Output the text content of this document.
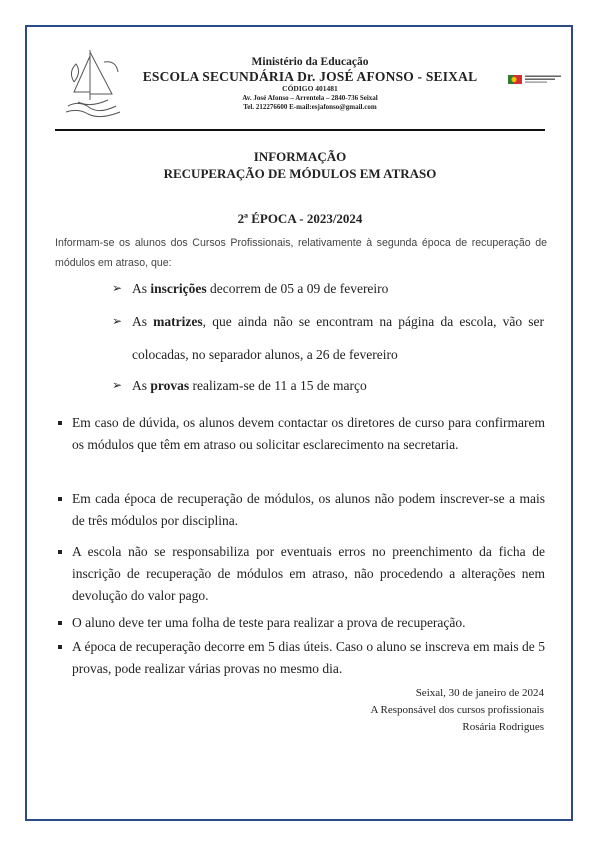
Ministério da Educação
ESCOLA SECUNDÁRIA Dr. JOSÉ AFONSO - SEIXAL
CÓDIGO 401481
Av. José Afonso – Arrentela – 2840-736 Seixal
Tel. 212276600 E-mail:esjafonso@gmail.com
INFORMAÇÃO
RECUPERAÇÃO DE MÓDULOS EM ATRASO
2ª ÉPOCA - 2023/2024
Informam-se os alunos dos Cursos Profissionais, relativamente à segunda época de recuperação de módulos em atraso, que:
➢ As inscrições decorrem de 05 a 09 de fevereiro
➢ As matrizes, que ainda não se encontram na página da escola, vão ser colocadas, no separador alunos, a 26 de fevereiro
➢ As provas realizam-se de 11 a 15 de março
Em caso de dúvida, os alunos devem contactar os diretores de curso para confirmarem os módulos que têm em atraso ou solicitar esclarecimento na secretaria.
Em cada época de recuperação de módulos, os alunos não podem inscrever-se a mais de três módulos por disciplina.
A escola não se responsabiliza por eventuais erros no preenchimento da ficha de inscrição de recuperação de módulos em atraso, não procedendo a alterações nem devolução do valor pago.
O aluno deve ter uma folha de teste para realizar a prova de recuperação.
A época de recuperação decorre em 5 dias úteis. Caso o aluno se inscreva em mais de 5 provas, pode realizar várias provas no mesmo dia.
Seixal, 30 de janeiro de 2024
A Responsável dos cursos profissionais
Rosária Rodrigues
